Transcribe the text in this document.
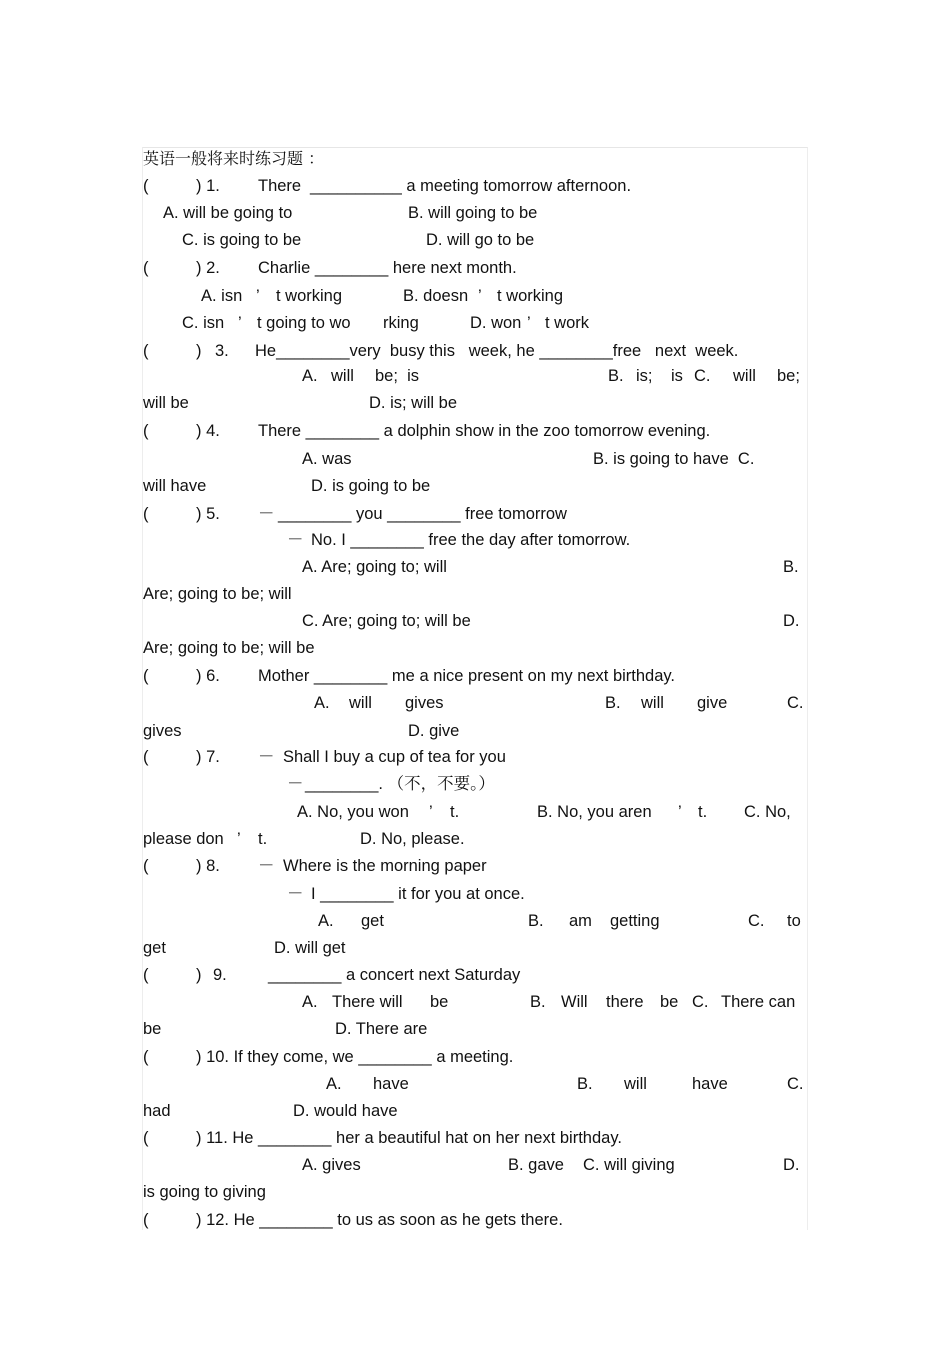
英语一般将来时练习题 ：
(	) 1. There __________ a meeting tomorrow afternoon.
A. will be going to	B. will going to be
C. is going to be	D. will go to be
(	) 2. Charlie ________ here next month.
A. isn ’ t working	B. doesn ’ t working
C. isn ’ t going to wo rking	D. won ’ t work
(	) 3. He________very  busy this   week, he ________free   next  week.
A. will be;  is	B. is; is C. will be;
will be	D. is; will be
(	) 4. There ________ a dolphin show in the zoo tomorrow evening.
A. was	B. is going to have  C.
will have	D. is going to be
(	) 5. － ________ you ________ free tomorrow
－ No. I ________ free the day after tomorrow.
A. Are; going to; will	B.
Are; going to be; will
C. Are; going to; will be	D.
Are; going to be; will be
(	) 6. Mother ________ me a nice present on my next birthday.
A. will gives	B. will give	C.
gives	D. give
(	) 7. － Shall I buy a cup of tea for you
－ ________. （不，不要。）
A. No, you won ’ t.	B. No, you aren ’ t. C. No,
please don ’ t.	D. No, please.
(	) 8. － Where is the morning paper
－ I ________ it for you at once.
A. get	B. am getting	C. to
get	D. will get
(	) 9. ________ a concert next Saturday
A. There will be	B. Will there be C. There can
be	D. There are
(	) 10. If they come, we ________ a meeting.
A. have	B. will	have	C.
had	D. would have
(	) 11. He ________ her a beautiful hat on her next birthday.
A. gives	B. gave C. will giving	D.
is going to giving
(	) 12. He ________ to us as soon as he gets there.
